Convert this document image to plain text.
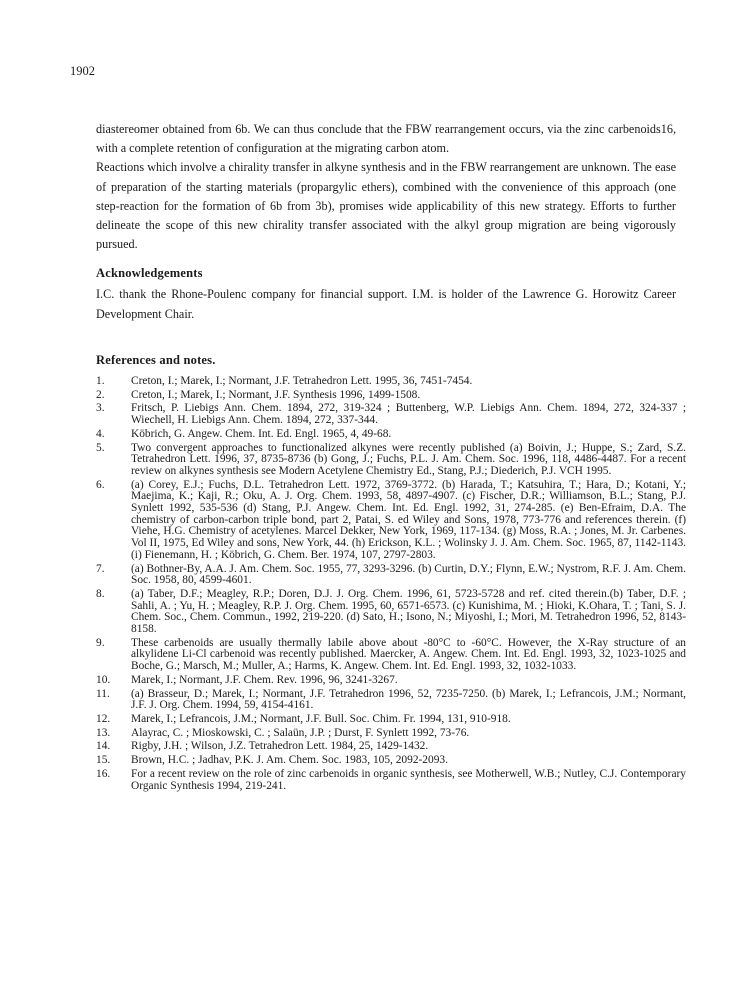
1902

diastereomer obtained from 6b. We can thus conclude that the FBW rearrangement occurs, via the zinc carbenoids16, with a complete retention of configuration at the migrating carbon atom.

Reactions which involve a chirality transfer in alkyne synthesis and in the FBW rearrangement are unknown. The ease of preparation of the starting materials (propargylic ethers), combined with the convenience of this approach (one step-reaction for the formation of 6b from 3b), promises wide applicability of this new strategy. Efforts to further delineate the scope of this new chirality transfer associated with the alkyl group migration are being vigorously pursued.

Acknowledgements
I.C. thank the Rhone-Poulenc company for financial support. I.M. is holder of the Lawrence G. Horowitz Career Development Chair.
References and notes.
1.	Creton, I.; Marek, I.; Normant, J.F. Tetrahedron Lett. 1995, 36, 7451-7454.
2.	Creton, I.; Marek, I.; Normant, J.F. Synthesis 1996, 1499-1508.
3.	Fritsch, P. Liebigs Ann. Chem. 1894, 272, 319-324 ; Buttenberg, W.P. Liebigs Ann. Chem. 1894, 272, 324-337 ; Wiechell, H. Liebigs Ann. Chem. 1894, 272, 337-344.
4.	Köbrich, G. Angew. Chem. Int. Ed. Engl. 1965, 4, 49-68.
5.	Two convergent approaches to functionalized alkynes were recently published (a) Boivin, J.; Huppe, S.; Zard, S.Z. Tetrahedron Lett. 1996, 37, 8735-8736 (b) Gong, J.; Fuchs, P.L. J. Am. Chem. Soc. 1996, 118, 4486-4487. For a recent review on alkynes synthesis see Modern Acetylene Chemistry Ed., Stang, P.J.; Diederich, P.J. VCH 1995.
6.	(a) Corey, E.J.; Fuchs, D.L. Tetrahedron Lett. 1972, 3769-3772. (b) Harada, T.; Katsuhira, T.; Hara, D.; Kotani, Y.; Maejima, K.; Kaji, R.; Oku, A. J. Org. Chem. 1993, 58, 4897-4907. (c) Fischer, D.R.; Williamson, B.L.; Stang, P.J. Synlett 1992, 535-536 (d) Stang, P.J. Angew. Chem. Int. Ed. Engl. 1992, 31, 274-285. (e) Ben-Efraim, D.A. The chemistry of carbon-carbon triple bond, part 2, Patai, S. ed Wiley and Sons, 1978, 773-776 and references therein. (f) Viehe, H.G. Chemistry of acetylenes. Marcel Dekker, New York, 1969, 117-134. (g) Moss, R.A. ; Jones, M. Jr. Carbenes. Vol II, 1975, Ed Wiley and sons, New York, 44. (h) Erickson, K.L. ; Wolinsky J. J. Am. Chem. Soc. 1965, 87, 1142-1143. (i) Fienemann, H. ; Köbrich, G. Chem. Ber. 1974, 107, 2797-2803.
7.	(a) Bothner-By, A.A. J. Am. Chem. Soc. 1955, 77, 3293-3296. (b) Curtin, D.Y.; Flynn, E.W.; Nystrom, R.F. J. Am. Chem. Soc. 1958, 80, 4599-4601.
8.	(a) Taber, D.F.; Meagley, R.P.; Doren, D.J. J. Org. Chem. 1996, 61, 5723-5728 and ref. cited therein.(b) Taber, D.F. ; Sahli, A. ; Yu, H. ; Meagley, R.P. J. Org. Chem. 1995, 60, 6571-6573. (c) Kunishima, M. ; Hioki, K.Ohara, T. ; Tani, S. J. Chem. Soc., Chem. Commun., 1992, 219-220. (d) Sato, H.; Isono, N.; Miyoshi, I.; Mori, M. Tetrahedron 1996, 52, 8143-8158.
9.	These carbenoids are usually thermally labile above about -80°C to -60°C. However, the X-Ray structure of an alkylidene Li-Cl carbenoid was recently published. Maercker, A. Angew. Chem. Int. Ed. Engl. 1993, 32, 1023-1025 and Boche, G.; Marsch, M.; Muller, A.; Harms, K. Angew. Chem. Int. Ed. Engl. 1993, 32, 1032-1033.
10.	Marek, I.; Normant, J.F. Chem. Rev. 1996, 96, 3241-3267.
11.	(a) Brasseur, D.; Marek, I.; Normant, J.F. Tetrahedron 1996, 52, 7235-7250. (b) Marek, I.; Lefrancois, J.M.; Normant, J.F. J. Org. Chem. 1994, 59, 4154-4161.
12.	Marek, I.; Lefrancois, J.M.; Normant, J.F. Bull. Soc. Chim. Fr. 1994, 131, 910-918.
13.	Alayrac, C. ; Mioskowski, C. ; Salaün, J.P. ; Durst, F. Synlett 1992, 73-76.
14.	Rigby, J.H. ; Wilson, J.Z. Tetrahedron Lett. 1984, 25, 1429-1432.
15.	Brown, H.C. ; Jadhav, P.K. J. Am. Chem. Soc. 1983, 105, 2092-2093.
16.	For a recent review on the role of zinc carbenoids in organic synthesis, see Motherwell, W.B.; Nutley, C.J. Contemporary Organic Synthesis 1994, 219-241.
